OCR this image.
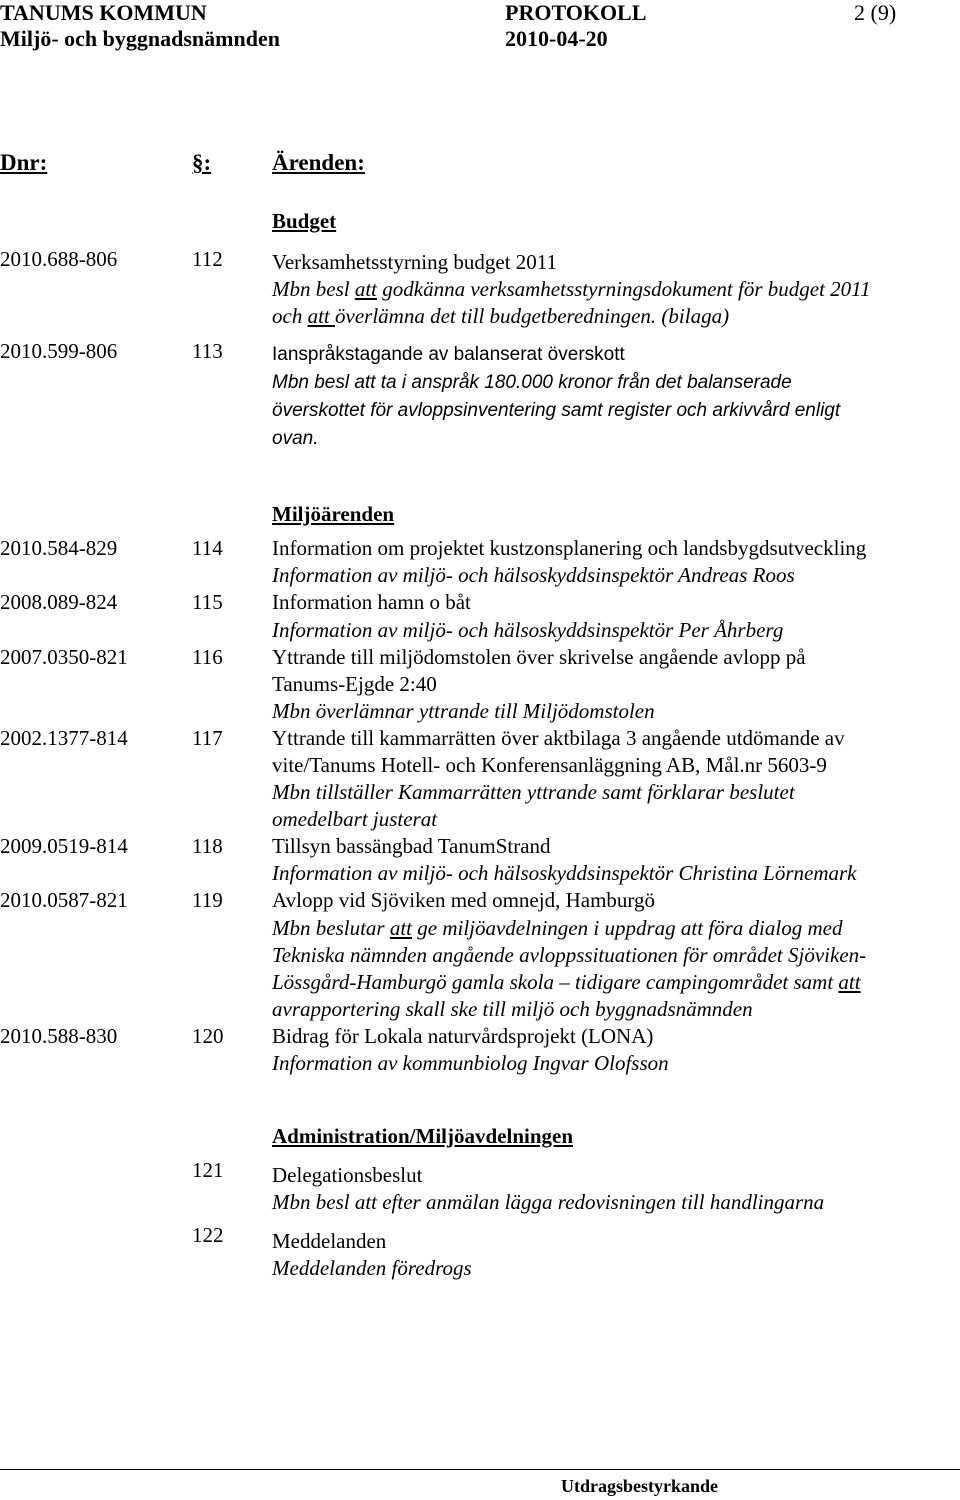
TANUMS KOMMUN	PROTOKOLL	2 (9)
Miljö- och byggnadsnämnden	2010-04-20
Dnr:	§:	Ärenden:
Budget
2010.688-806	112 Verksamhetsstyrning budget 2011
Mbn besl att godkänna verksamhetsstyrningsdokument för budget 2011
och att överlämna det till budgetberedningen. (bilaga)
2010.599-806	113	Ianspråkstagande av balanserat överskott
Mbn besl att ta i anspråk 180.000 kronor från det balanserade
överskottet för avloppsinventering samt register och arkivvård enligt
ovan.
Miljöärenden
2010.584-829	114 Information om projektet kustzonsplanering och landsbygdsutveckling
Information av miljö- och hälsoskyddsinspektör Andreas Roos
2008.089-824	115 Information hamn o båt
Information av miljö- och hälsoskyddsinspektör Per Åhrberg
2007.0350-821	116 Yttrande till miljödomstolen över skrivelse angående avlopp på
Tanums-Ejgde 2:40
Mbn överlämnar yttrande till Miljödomstolen
2002.1377-814	117 Yttrande till kammarrätten över aktbilaga 3 angående utdömande av
vite/Tanums Hotell- och Konferensanläggning AB, Mål.nr 5603-9
Mbn tillställer Kammarrätten yttrande samt förklarar beslutet
omedelbart justerat
2009.0519-814	118 Tillsyn bassängbad TanumStrand
Information av miljö- och hälsoskyddsinspektör Christina Lörnemark
2010.0587-821	119 Avlopp vid Sjöviken med omnejd, Hamburgö
Mbn beslutar att ge miljöavdelningen i uppdrag att föra dialog med
Tekniska nämnden angående avloppssituationen för området Sjöviken-
Lössgård-Hamburgö gamla skola – tidigare campingområdet samt att
avrapportering skall ske till miljö och byggnadsnämnden
2010.588-830	120 Bidrag för Lokala naturvårdsprojekt (LONA)
Information av kommunbiolog Ingvar Olofsson
Administration/Miljöavdelningen
121 Delegationsbeslut
Mbn besl att efter anmälan lägga redovisningen till handlingarna
122 Meddelanden
Meddelanden föredrogs
Utdragsbestyrkande
